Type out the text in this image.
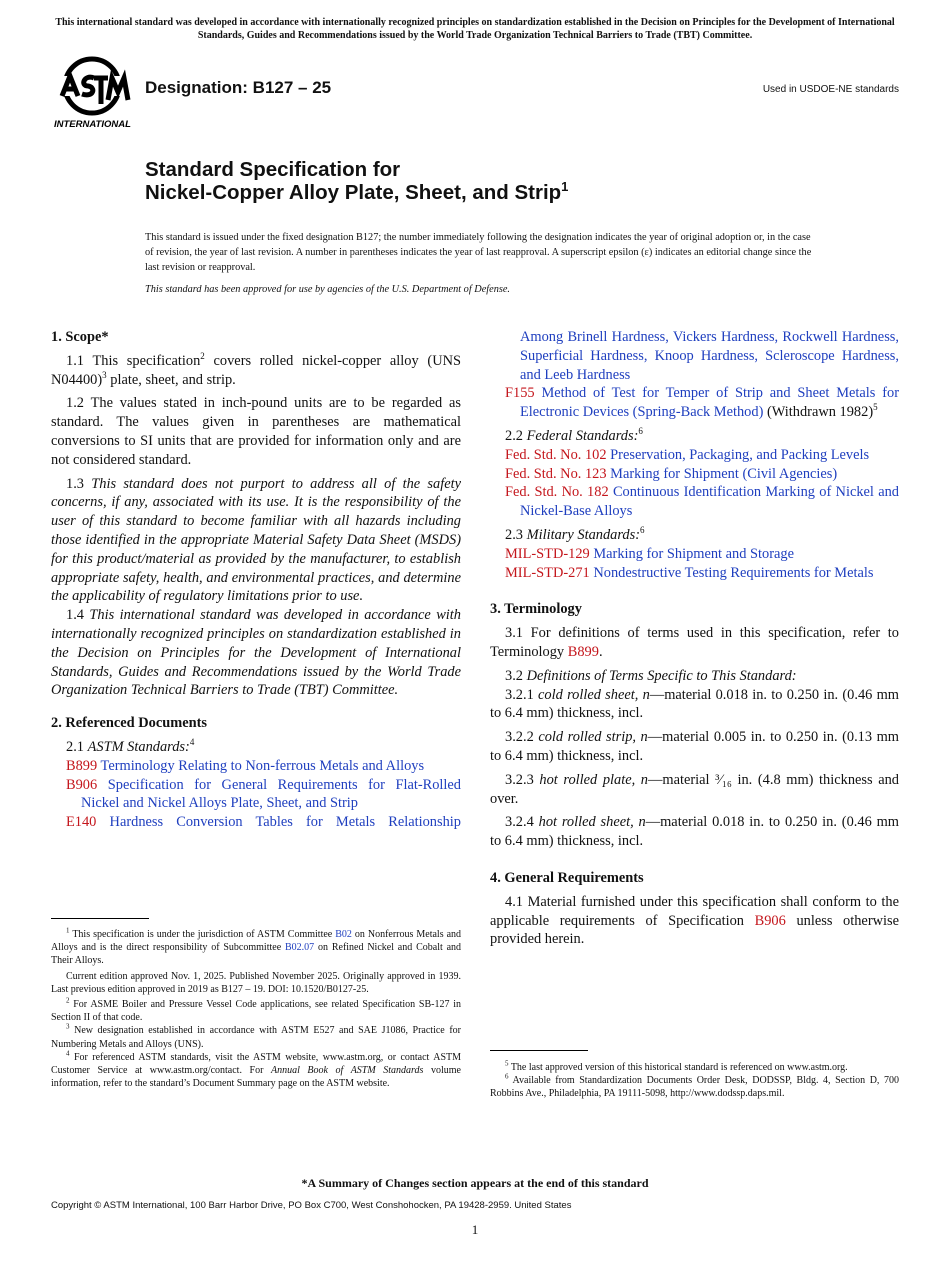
This international standard was developed in accordance with internationally recognized principles on standardization established in the Decision on Principles for the Development of International Standards, Guides and Recommendations issued by the World Trade Organization Technical Barriers to Trade (TBT) Committee.
INTERNATIONAL
Designation: B127 – 25	Used in USDOE-NE standards
Standard Specification for
Nickel-Copper Alloy Plate, Sheet, and Strip$^1$
This standard is issued under the fixed designation B127; the number immediately following the designation indicates the year of original adoption or, in the case of revision, the year of last revision. A number in parentheses indicates the year of last reapproval. A superscript epsilon (ε) indicates an editorial change since the last revision or reapproval.
This standard has been approved for use by agencies of the U.S. Department of Defense.
1. Scope*

1.1 This specification$^2$ covers rolled nickel-copper alloy (UNS N04400)$^3$ plate, sheet, and strip.

1.2 The values stated in inch-pound units are to be regarded as standard. The values given in parentheses are mathematical conversions to SI units that are provided for information only and are not considered standard.

1.3 This standard does not purport to address all of the safety concerns, if any, associated with its use. It is the responsibility of the user of this standard to become familiar with all hazards including those identified in the appropriate Material Safety Data Sheet (MSDS) for this product/material as provided by the manufacturer, to establish appropriate safety, health, and environmental practices, and determine the applicability of regulatory limitations prior to use.

1.4 This international standard was developed in accordance with internationally recognized principles on standardization established in the Decision on Principles for the Development of International Standards, Guides and Recommendations issued by the World Trade Organization Technical Barriers to Trade (TBT) Committee.

2. Referenced Documents

2.1 ASTM Standards:$^4$

B899 Terminology Relating to Non-ferrous Metals and Alloys
B906 Specification for General Requirements for Flat-Rolled Nickel and Nickel Alloys Plate, Sheet, and Strip
E140 Hardness Conversion Tables for Metals Relationship

$^1$ This specification is under the jurisdiction of ASTM Committee B02 on Nonferrous Metals and Alloys and is the direct responsibility of Subcommittee B02.07 on Refined Nickel and Cobalt and Their Alloys.

Current edition approved Nov. 1, 2025. Published November 2025. Originally approved in 1939. Last previous edition approved in 2019 as B127 – 19. DOI: 10.1520/B0127-25.

$^2$ For ASME Boiler and Pressure Vessel Code applications, see related Specification SB-127 in Section II of that code.

$^3$ New designation established in accordance with ASTM E527 and SAE J1086, Practice for Numbering Metals and Alloys (UNS).

$^4$ For referenced ASTM standards, visit the ASTM website, www.astm.org, or contact ASTM Customer Service at www.astm.org/contact. For Annual Book of ASTM Standards volume information, refer to the standard’s Document Summary page on the ASTM website.

Among Brinell Hardness, Vickers Hardness, Rockwell Hardness, Superficial Hardness, Knoop Hardness, Scleroscope Hardness, and Leeb Hardness
F155 Method of Test for Temper of Strip and Sheet Metals for Electronic Devices (Spring-Back Method) (Withdrawn 1982)$^5$

2.2 Federal Standards:$^6$

Fed. Std. No. 102 Preservation, Packaging, and Packing Levels
Fed. Std. No. 123 Marking for Shipment (Civil Agencies)
Fed. Std. No. 182 Continuous Identification Marking of Nickel and Nickel-Base Alloys

2.3 Military Standards:$^6$

MIL-STD-129 Marking for Shipment and Storage
MIL-STD-271 Nondestructive Testing Requirements for Metals
3. Terminology

3.1 For definitions of terms used in this specification, refer to Terminology B899.

3.2 Definitions of Terms Specific to This Standard:

3.2.1 cold rolled sheet, n—material 0.018 in. to 0.250 in. (0.46 mm to 6.4 mm) thickness, incl.

3.2.2 cold rolled strip, n—material 0.005 in. to 0.250 in. (0.13 mm to 6.4 mm) thickness, incl.

3.2.3 hot rolled plate, n—material ³⁄₁₆ in. (4.8 mm) thickness and over.

3.2.4 hot rolled sheet, n—material 0.018 in. to 0.250 in. (0.46 mm to 6.4 mm) thickness, incl.

4. General Requirements

4.1 Material furnished under this specification shall conform to the applicable requirements of Specification B906 unless otherwise provided herein.

$^5$ The last approved version of this historical standard is referenced on www.astm.org.

$^6$ Available from Standardization Documents Order Desk, DODSSP, Bldg. 4, Section D, 700 Robbins Ave., Philadelphia, PA 19111-5098, http://www.dodssp.daps.mil.

*A Summary of Changes section appears at the end of this standard
Copyright © ASTM International, 100 Barr Harbor Drive, PO Box C700, West Conshohocken, PA 19428-2959. United States
1
